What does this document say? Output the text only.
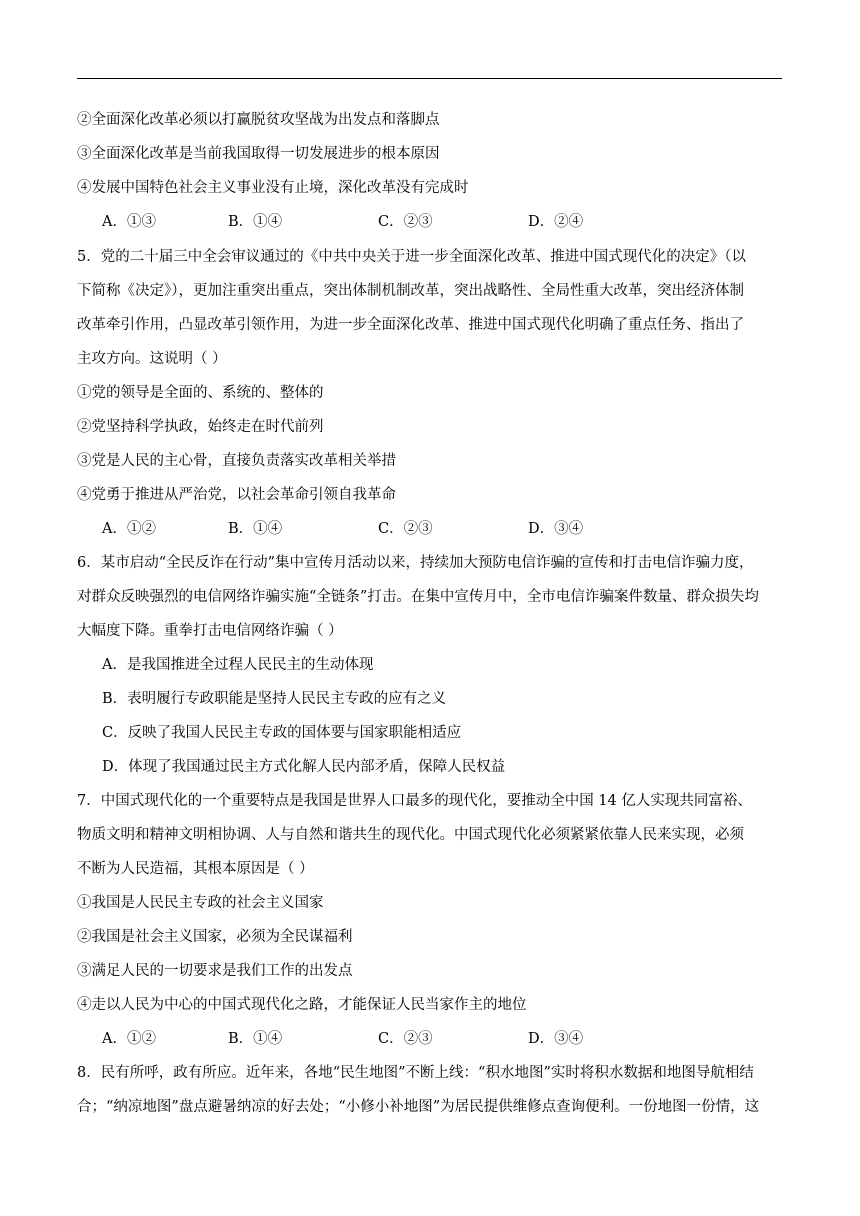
②全面深化改革必须以打赢脱贫攻坚战为出发点和落脚点
③全面深化改革是当前我国取得一切发展进步的根本原因
④发展中国特色社会主义事业没有止境，深化改革没有完成时
A．①③	B．①④	C．②③	D．②④
5．党的二十届三中全会审议通过的《中共中央关于进一步全面深化改革、推进中国式现代化的决定》（以
下简称《决定》），更加注重突出重点，突出体制机制改革，突出战略性、全局性重大改革，突出经济体制
改革牵引作用，凸显改革引领作用，为进一步全面深化改革、推进中国式现代化明确了重点任务、指出了
主攻方向。这说明（ ）
①党的领导是全面的、系统的、整体的
②党坚持科学执政，始终走在时代前列
③党是人民的主心骨，直接负责落实改革相关举措
④党勇于推进从严治党，以社会革命引领自我革命
A．①②	B．①④	C．②③	D．③④
6．某市启动“全民反诈在行动”集中宣传月活动以来，持续加大预防电信诈骗的宣传和打击电信诈骗力度，
对群众反映强烈的电信网络诈骗实施“全链条”打击。在集中宣传月中，全市电信诈骗案件数量、群众损失均
大幅度下降。重拳打击电信网络诈骗（ ）
A．是我国推进全过程人民民主的生动体现
B．表明履行专政职能是坚持人民民主专政的应有之义
C．反映了我国人民民主专政的国体要与国家职能相适应
D．体现了我国通过民主方式化解人民内部矛盾，保障人民权益
7．中国式现代化的一个重要特点是我国是世界人口最多的现代化，要推动全中国 14 亿人实现共同富裕、
物质文明和精神文明相协调、人与自然和谐共生的现代化。中国式现代化必须紧紧依靠人民来实现，必须
不断为人民造福，其根本原因是（ ）
①我国是人民民主专政的社会主义国家
②我国是社会主义国家，必须为全民谋福利
③满足人民的一切要求是我们工作的出发点
④走以人民为中心的中国式现代化之路，才能保证人民当家作主的地位
A．①②	B．①④	C．②③	D．③④
8．民有所呼，政有所应。近年来，各地“民生地图”不断上线：“积水地图”实时将积水数据和地图导航相结
合；“纳凉地图”盘点避暑纳凉的好去处；“小修小补地图”为居民提供维修点查询便利。一份地图一份情，这
